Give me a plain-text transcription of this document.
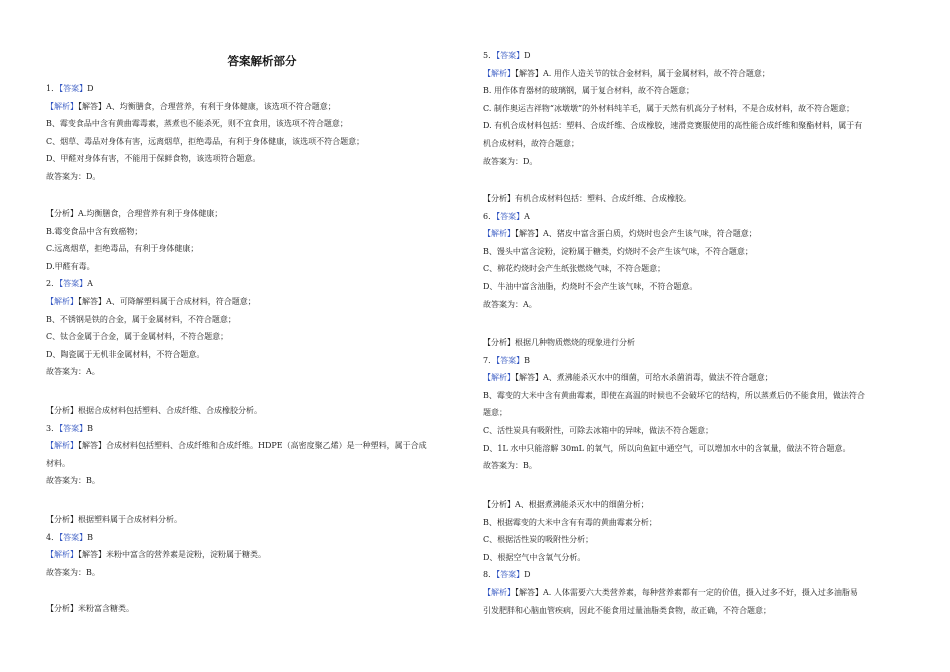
答案解析部分
1．【答案】D
【解析】【解答】A、均衡膳食，合理营养，有利于身体健康，该选项不符合题意；
B、霉变食品中含有黄曲霉毒素，蒸煮也不能杀死，则不宜食用，该选项不符合题意；
C、烟草、毒品对身体有害，远离烟草，拒绝毒品，有利于身体健康，该选项不符合题意；
D、甲醛对身体有害，不能用于保鲜食物，该选项符合题意。
故答案为：D。
【分析】A.均衡膳食，合理营养有利于身体健康；
B.霉变食品中含有致癌物；
C.远离烟草，拒绝毒品，有利于身体健康；
D.甲醛有毒。
2．【答案】A
【解析】【解答】A、可降解塑料属于合成材料，符合题意；
B、不锈钢是铁的合金，属于金属材料，不符合题意；
C、钛合金属于合金，属于金属材料，不符合题意；
D、陶瓷属于无机非金属材料，不符合题意。
故答案为：A。
【分析】根据合成材料包括塑料、合成纤维、合成橡胶分析。
3．【答案】B
【解析】【解答】合成材料包括塑料、合成纤维和合成纤维。HDPE（高密度聚乙烯）是一种塑料，属于合成
材料。
故答案为：B。
【分析】根据塑料属于合成材料分析。
4．【答案】B
【解析】【解答】米粉中富含的营养素是淀粉，淀粉属于糖类。
故答案为：B。
【分析】米粉富含糖类。
5．【答案】D
【解析】【解答】A. 用作人造关节的钛合金材料，属于金属材料，故不符合题意；
B. 用作体育器材的玻璃钢，属于复合材料，故不符合题意；
C. 制作奥运吉祥物“冰墩墩”的外材料纯羊毛，属于天然有机高分子材料，不是合成材料，故不符合题意；
D. 有机合成材料包括：塑料、合成纤维、合成橡胶，速滑竞赛服使用的高性能合成纤维和聚酯材料，属于有
机合成材料，故符合题意；
故答案为：D。
【分析】有机合成材料包括：塑料、合成纤维、合成橡胶。
6．【答案】A
【解析】【解答】A、猪皮中富含蛋白质，灼烧时也会产生该气味，符合题意；
B、馒头中富含淀粉，淀粉属于糖类，灼烧时不会产生该气味，不符合题意；
C、棉花灼烧时会产生纸张燃烧气味，不符合题意；
D、牛油中富含油脂，灼烧时不会产生该气味，不符合题意。
故答案为：A。
【分析】根据几种物质燃烧的现象进行分析
7．【答案】B
【解析】【解答】A、煮沸能杀灭水中的细菌，可给水杀菌消毒，做法不符合题意；
B、霉变的大米中含有黄曲霉素，即使在高温的时候也不会破坏它的结构，所以蒸煮后仍不能食用，做法符合
题意；
C、活性炭具有吸附性，可除去冰箱中的异味，做法不符合题意；
D、1L 水中只能溶解 30mL 的氧气，所以向鱼缸中通空气，可以增加水中的含氧量，做法不符合题意。
故答案为：B。
【分析】A、根据煮沸能杀灭水中的细菌分析；
B、根据霉变的大米中含有有毒的黄曲霉素分析；
C、根据活性炭的吸附性分析；
D、根据空气中含氧气分析。
8．【答案】D
【解析】【解答】A. 人体需要六大类营养素，每种营养素都有一定的价值，摄入过多不好，摄入过多油脂易
引发肥胖和心脑血管疾病，因此不能食用过量油脂类食物，故正确，不符合题意；
